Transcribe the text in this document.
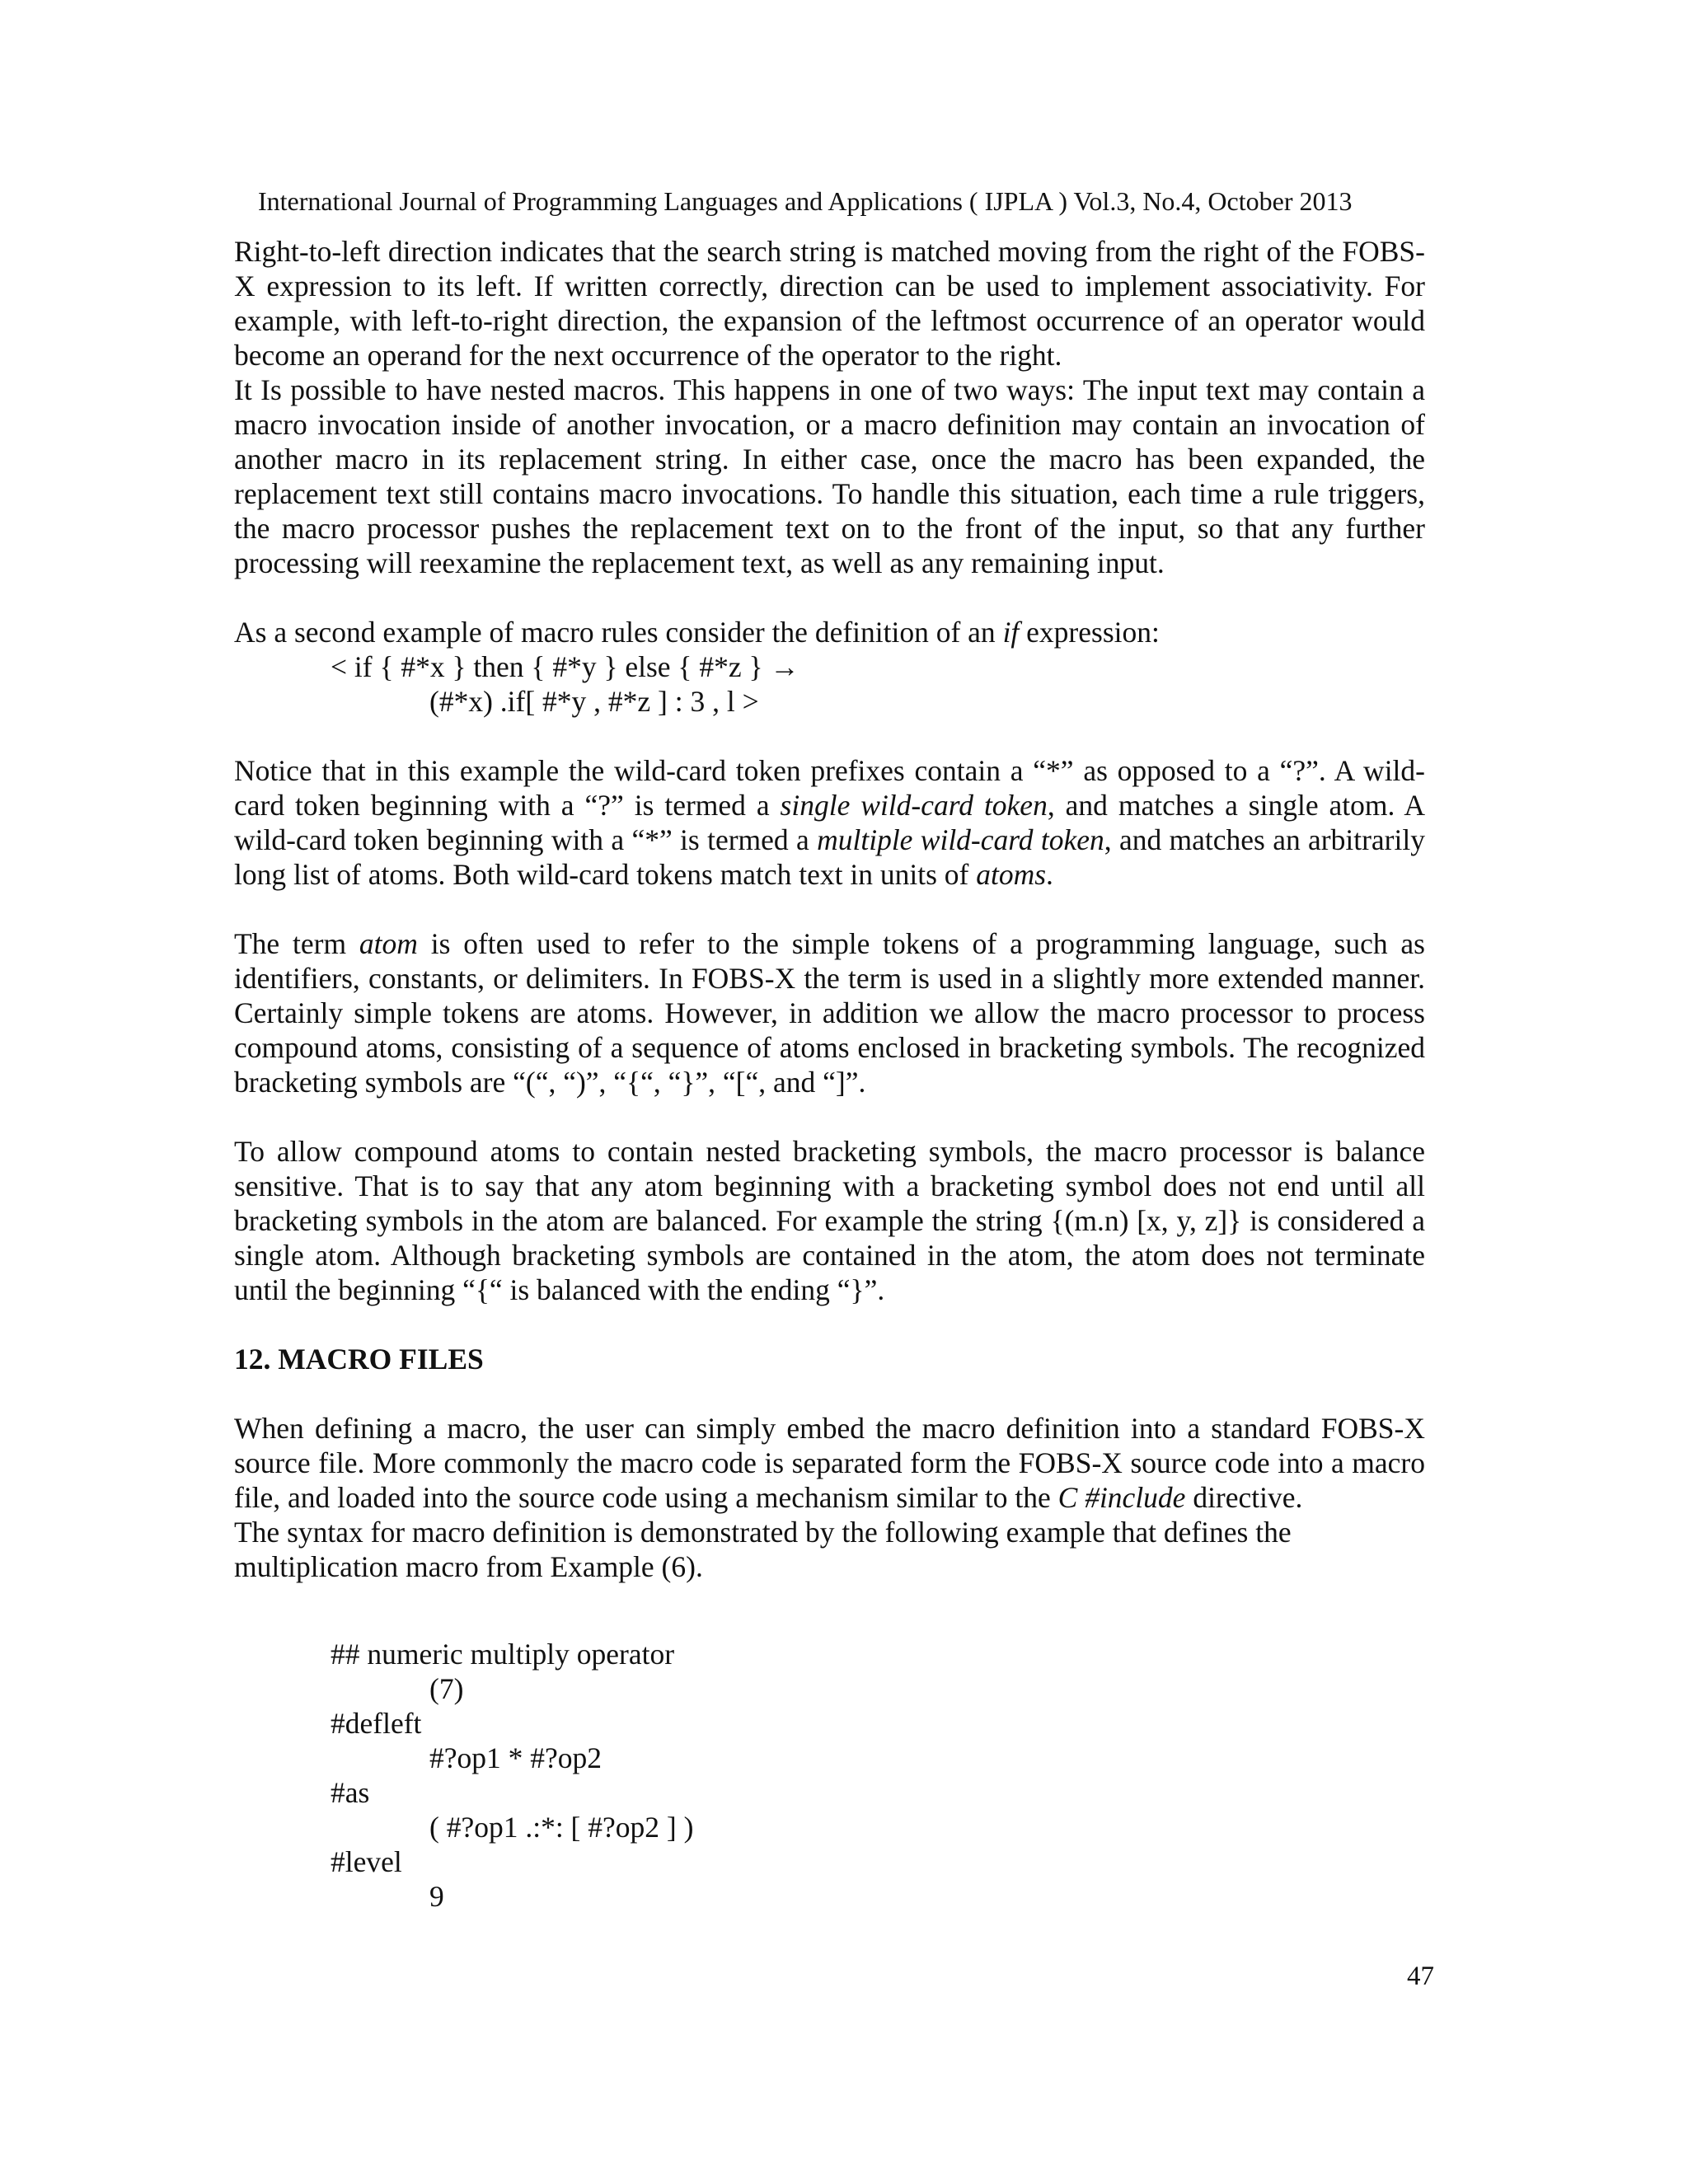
International Journal of Programming Languages and Applications ( IJPLA ) Vol.3, No.4, October 2013

Right-to-left direction indicates that the search string is matched moving from the right of the FOBS-X expression to its left. If written correctly, direction can be used to implement associativity. For example, with left-to-right direction, the expansion of the leftmost occurrence of an operator would become an operand for the next occurrence of the operator to the right.

It Is possible to have nested macros. This happens in one of two ways: The input text may contain a macro invocation inside of another invocation, or a macro definition may contain an invocation of another macro in its replacement string. In either case, once the macro has been expanded, the replacement text still contains macro invocations. To handle this situation, each time a rule triggers, the macro processor pushes the replacement text on to the front of the input, so that any further processing will reexamine the replacement text, as well as any remaining input.

As a second example of macro rules consider the definition of an if expression:

< if { #*x } then { #*y } else { #*z } →

(#*x) .if[ #*y , #*z ] : 3 , l >

Notice that in this example the wild-card token prefixes contain a “*” as opposed to a “?”. A wild-card token beginning with a “?” is termed a single wild-card token, and matches a single atom. A wild-card token beginning with a “*” is termed a multiple wild-card token, and matches an arbitrarily long list of atoms. Both wild-card tokens match text in units of atoms.

The term atom is often used to refer to the simple tokens of a programming language, such as identifiers, constants, or delimiters. In FOBS-X the term is used in a slightly more extended manner. Certainly simple tokens are atoms. However, in addition we allow the macro processor to process compound atoms, consisting of a sequence of atoms enclosed in bracketing symbols. The recognized bracketing symbols are “(“, “)”, “{“, “}”, “[“, and “]”.

To allow compound atoms to contain nested bracketing symbols, the macro processor is balance sensitive. That is to say that any atom beginning with a bracketing symbol does not end until all bracketing symbols in the atom are balanced. For example the string {(m.n) [x, y, z]} is considered a single atom. Although bracketing symbols are contained in the atom, the atom does not terminate until the beginning “{“ is balanced with the ending “}”.

12. MACRO FILES

When defining a macro, the user can simply embed the macro definition into a standard FOBS-X source file. More commonly the macro code is separated form the FOBS-X source code into a macro file, and loaded into the source code using a mechanism similar to the C #include directive.

The syntax for macro definition is demonstrated by the following example that defines the

multiplication macro from Example (6).

## numeric multiply operator

(7)

#defleft

#?op1 * #?op2

#as

( #?op1 .:*: [ #?op2 ] )

#level

9

47
